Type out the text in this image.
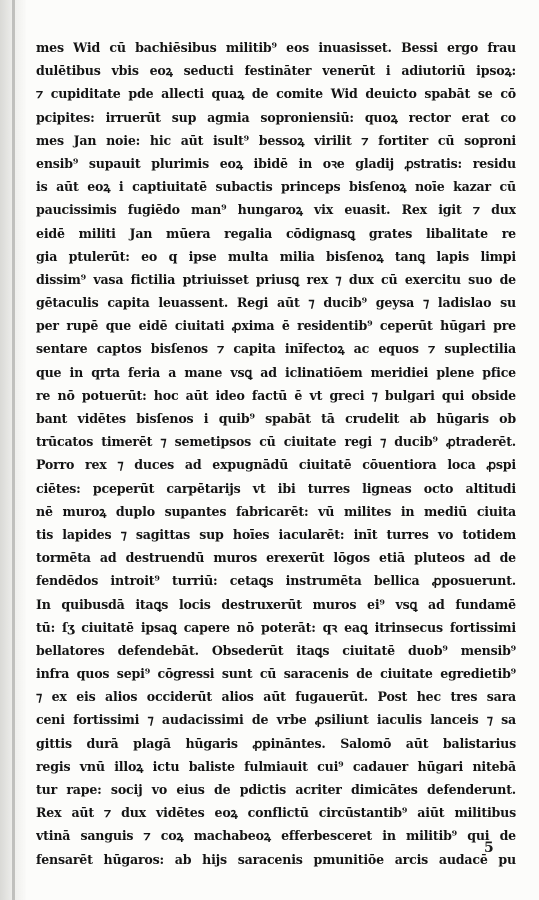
mes Wid cū bachiēsibus militib⁹ eos inuasisset. Bessi ergo frau
dulētibus vbis eoꝝ seducti festināter venerūt i adiutoriū ipsoꝝ:
⁊ cupiditate pde allecti quaꝝ de comite Wid deuicto spabāt se cō
pcipites: irruerūt sup agmia soproniensiū: quoꝝ rector erat co
mes Jan noie: hic aūt isult⁹ bessoꝝ virilit ⁊ fortiter cū soproni
ensib⁹ supauit plurimis eoꝝ ibidē in oꝛe gladij ꝓstratis: residu
is aūt eoꝝ i captiuitatē subactis princeps bisſenoꝝ noīe kazar cū
paucissimis fugiēdo man⁹ hungaroꝝ vix euasit. Rex igit ⁊ dux
eidē militi Jan mūera regalia cōdignasꝗ grates libalitate re
gia ptulerūt: eo q ipse multa milia bisſenoꝝ tanꝗ lapis limpi
dissim⁹ vasa fictilia ptriuisset priusꝗ rex ⁊ dux cū exercitu suo de
gētaculis capita leuassent. Regi aūt ⁊ ducib⁹ geysa ⁊ ladislao su
per rupē que eidē ciuitati ꝓxima ē residentib⁹ ceperūt hūgari pre
sentare captos bisſenos ⁊ capita inīfectoꝝ ac equos ⁊ suplectilia
que in qrta feria a mane vsꝗ ad iclinatiōem meridiei plene pfice
re nō potuerūt: hoc aūt ideo factū ē vt greci ⁊ bulgari qui obside
bant vidētes bisſenos i quib⁹ spabāt tā crudelit ab hūgaris ob
trūcatos timerēt ⁊ semetipsos cū ciuitate regi ⁊ ducib⁹ ꝓtraderēt.
Porro rex ⁊ duces ad expugnādū ciuitatē cōuentiora loca ꝓspi
ciētes: pceperūt carpētarijs vt ibi turres ligneas octo altitudi
nē muroꝝ duplo supantes fabricarēt: vū milites in mediū ciuita
tis lapides ⁊ sagittas sup hoīes iacularēt: inīt turres vo totidem
tormēta ad destruendū muros erexerūt lōgos etiā pluteos ad de
fendēdos introit⁹ turriū: cetaꝗs instrumēta bellica ꝓposuerunt.
In quibusdā itaꝗs locis destruxerūt muros ei⁹ vsꝗ ad fundamē
tū: ſʒ ciuitatē ipsaꝗ capere nō poterāt: qꝛ eaꝗ itrinsecus fortissimi
bellatores defendebāt. Obsederūt itaꝗs ciuitatē duob⁹ mensib⁹
infra quos sepi⁹ cōgressi sunt cū saracenis de ciuitate egredietib⁹
⁊ ex eis alios occiderūt alios aūt fugauerūt. Post hec tres sara
ceni fortissimi ⁊ audacissimi de vrbe ꝓsiliunt iaculis lanceis ⁊ sa
gittis durā plagā hūgaris ꝓpināntes. Salomō aūt balistarius
regis vnū illoꝝ ictu baliste fulmiauit cui⁹ cadauer hūgari nitebā
tur rape: socij vo eius de pdictis acriter dimicātes defenderunt.
Rex aūt ⁊ dux vidētes eoꝝ conflictū circūstantib⁹ aiūt militibus
vtinā sanguis ⁊ coꝝ machabeoꝝ efferbesceret in militib⁹ qui de
fensarēt hūgaros: ab hijs saracenis pmunitiōe arcis audacē pu
5
